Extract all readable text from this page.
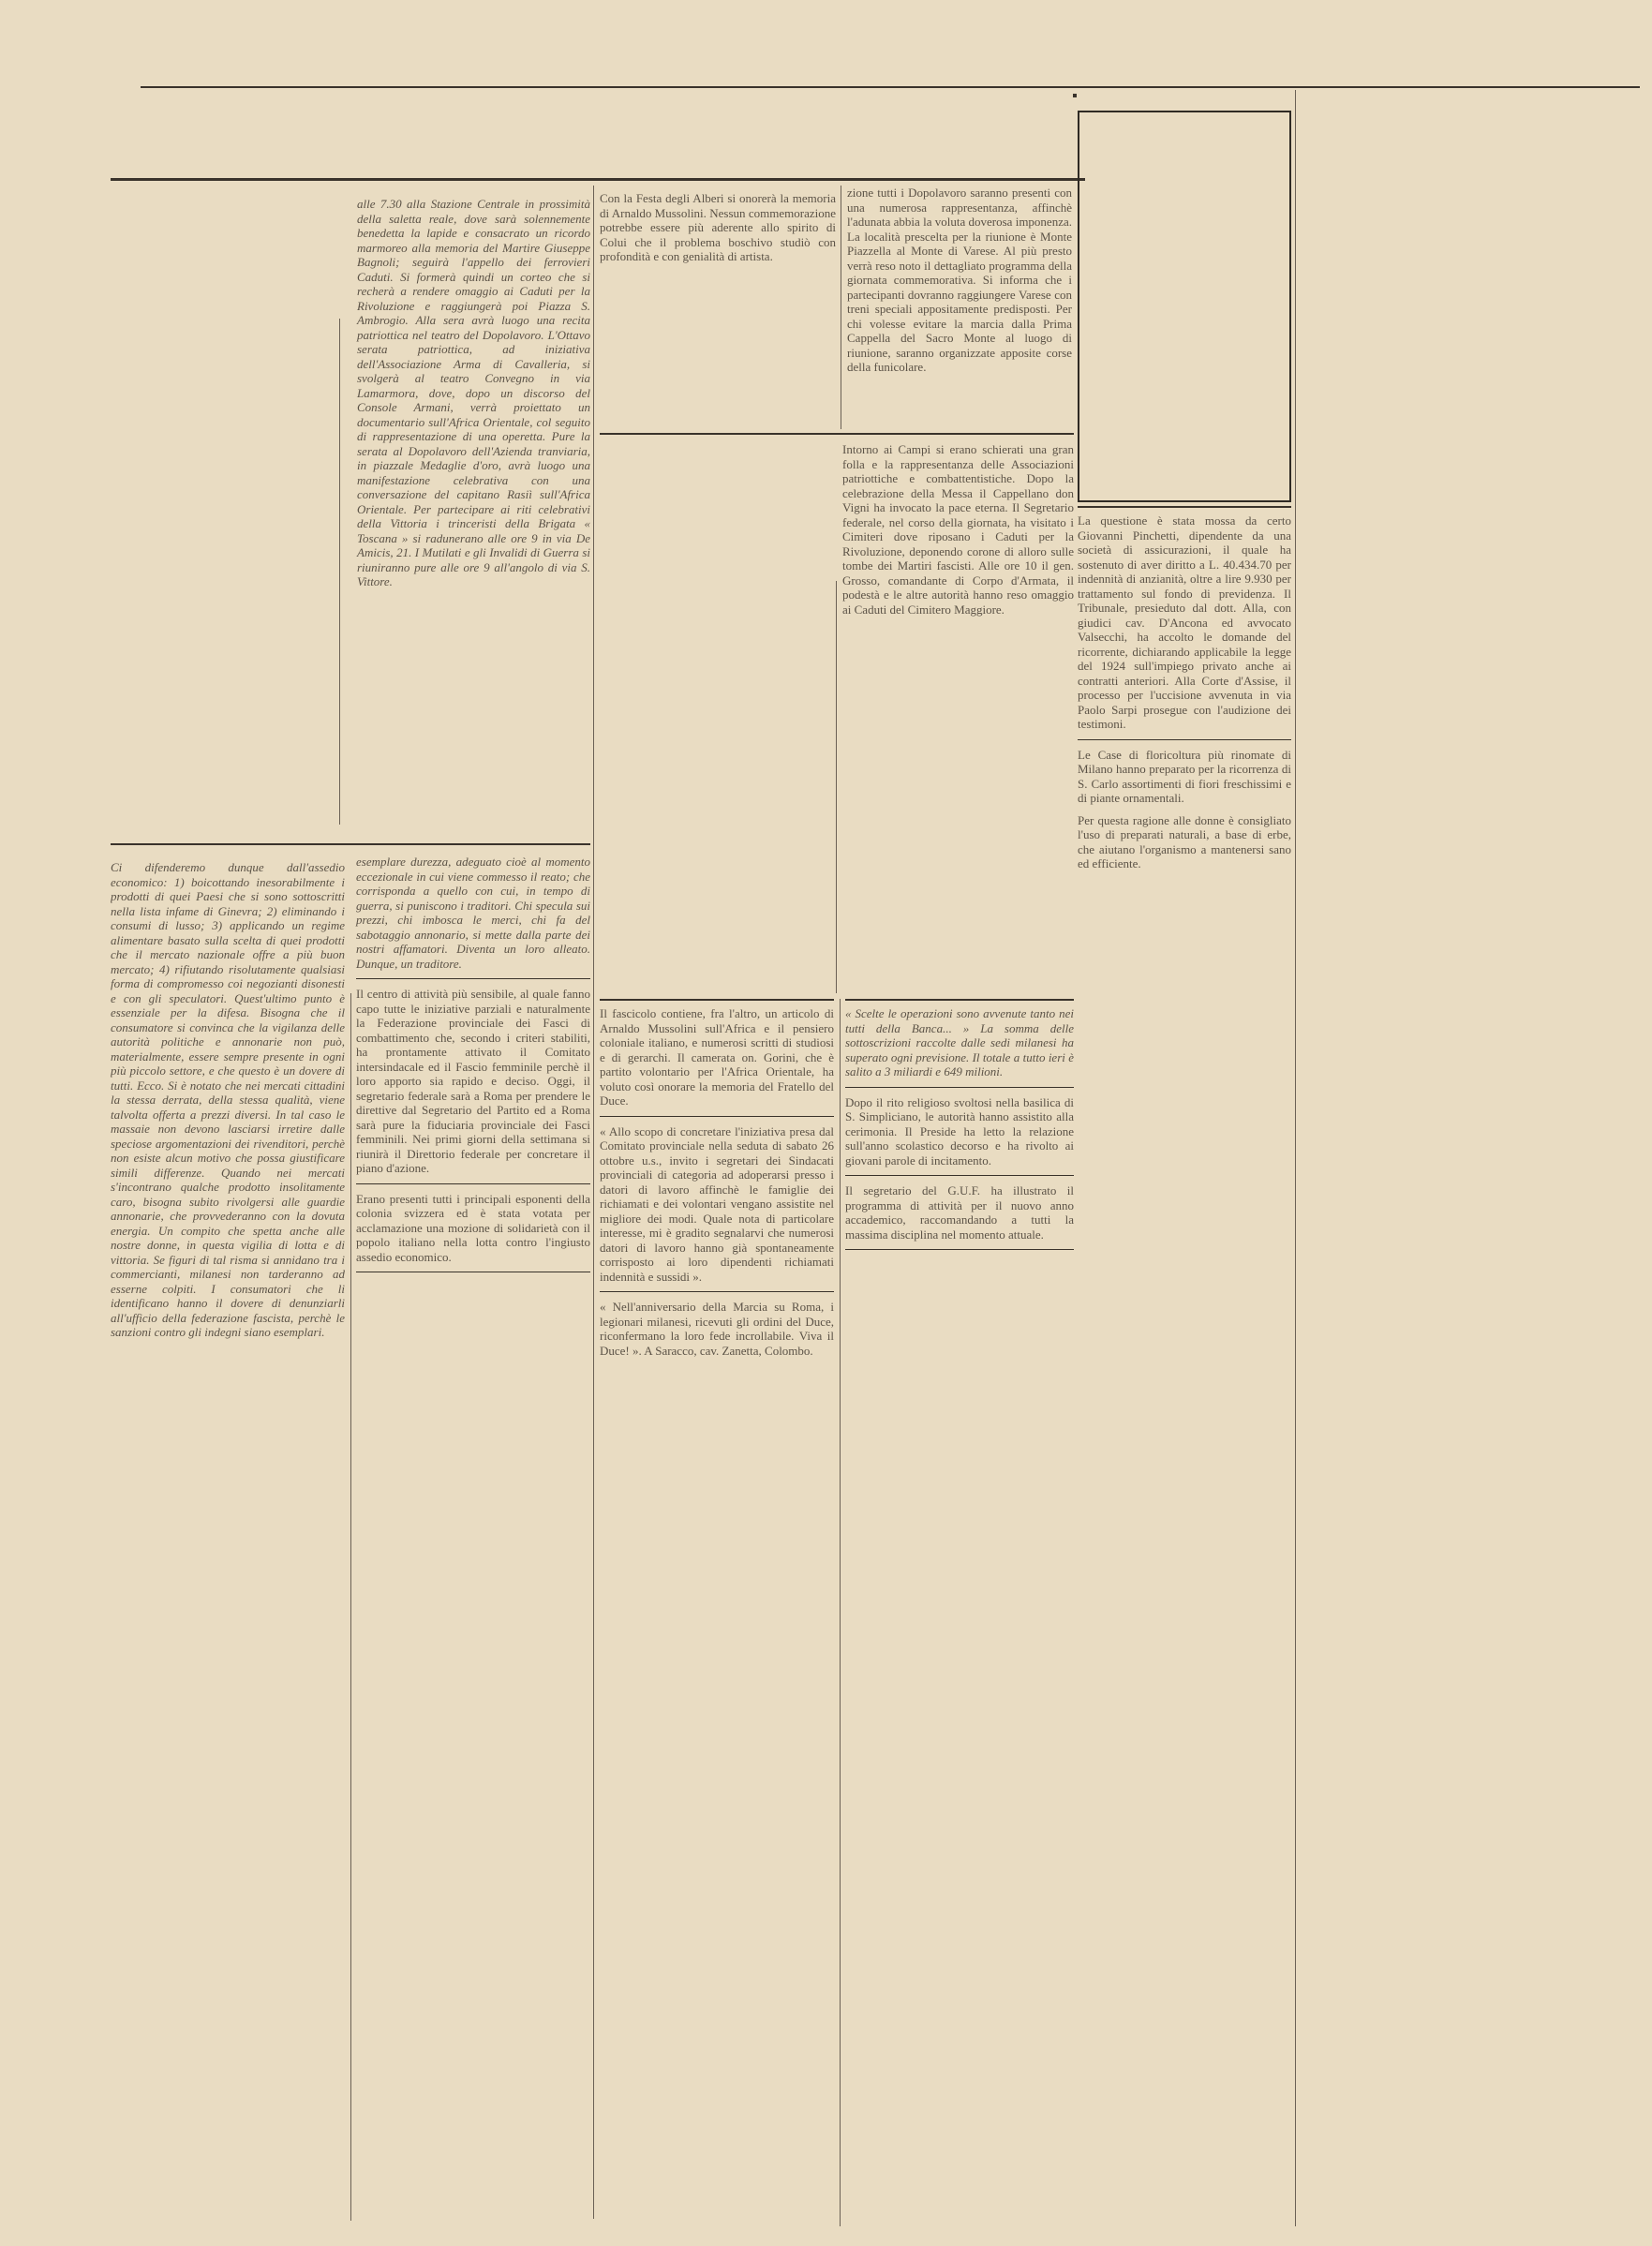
alle 7.30 alla Stazione Centrale in prossimità della saletta reale, dove sarà solennemente benedetta la lapide e consacrato un ricordo marmoreo alla memoria del Martire Giuseppe Bagnoli; seguirà l'appello dei ferrovieri Caduti. Si formerà quindi un corteo che si recherà a rendere omaggio ai Caduti per la Rivoluzione e raggiungerà poi Piazza S. Ambrogio. Alla sera avrà luogo una recita patriottica nel teatro del Dopolavoro. L'Ottavo serata patriottica, ad iniziativa dell'Associazione Arma di Cavalleria, si svolgerà al teatro Convegno in via Lamarmora, dove, dopo un discorso del Console Armani, verrà proiettato un documentario sull'Africa Orientale, col seguito di rappresentazione di una operetta. Pure la serata al Dopolavoro dell'Azienda tranviaria, in piazzale Medaglie d'oro, avrà luogo una manifestazione celebrativa con una conversazione del capitano Rasiì sull'Africa Orientale. Per partecipare ai riti celebrativi della Vittoria i trinceristi della Brigata « Toscana » si radunerano alle ore 9 in via De Amicis, 21. I Mutilati e gli Invalidi di Guerra si riuniranno pure alle ore 9 all'angolo di via S. Vittore.
Con la Festa degli Alberi si onorerà la memoria di Arnaldo Mussolini. Nessun commemorazione potrebbe essere più aderente allo spirito di Colui che il problema boschivo studiò con profondità e con genialità di artista.
zione tutti i Dopolavoro saranno presenti con una numerosa rappresentanza, affinchè l'adunata abbia la voluta doverosa imponenza. La località prescelta per la riunione è Monte Piazzella al Monte di Varese. Al più presto verrà reso noto il dettagliato programma della giornata commemorativa. Si informa che i partecipanti dovranno raggiungere Varese con treni speciali appositamente predisposti. Per chi volesse evitare la marcia dalla Prima Cappella del Sacro Monte al luogo di riunione, saranno organizzate apposite corse della funicolare.
Intorno ai Campi si erano schierati una gran folla e la rappresentanza delle Associazioni patriottiche e combattentistiche. Dopo la celebrazione della Messa il Cappellano don Vigni ha invocato la pace eterna. Il Segretario federale, nel corso della giornata, ha visitato i Cimiteri dove riposano i Caduti per la Rivoluzione, deponendo corone di alloro sulle tombe dei Martiri fascisti. Alle ore 10 il gen. Grosso, comandante di Corpo d'Armata, il podestà e le altre autorità hanno reso omaggio ai Caduti del Cimitero Maggiore.
Ci difenderemo dunque dall'assedio economico: 1) boicottando inesorabilmente i prodotti di quei Paesi che si sono sottoscritti nella lista infame di Ginevra; 2) eliminando i consumi di lusso; 3) applicando un regime alimentare basato sulla scelta di quei prodotti che il mercato nazionale offre a più buon mercato; 4) rifiutando risolutamente qualsiasi forma di compromesso coi negozianti disonesti e con gli speculatori. Quest'ultimo punto è essenziale per la difesa. Bisogna che il consumatore si convinca che la vigilanza delle autorità politiche e annonarie non può, materialmente, essere sempre presente in ogni più piccolo settore, e che questo è un dovere di tutti. Ecco. Si è notato che nei mercati cittadini la stessa derrata, della stessa qualità, viene talvolta offerta a prezzi diversi. In tal caso le massaie non devono lasciarsi irretire dalle speciose argomentazioni dei rivenditori, perchè non esiste alcun motivo che possa giustificare simili differenze. Quando nei mercati s'incontrano qualche prodotto insolitamente caro, bisogna subito rivolgersi alle guardie annonarie, che provvederanno con la dovuta energia. Un compito che spetta anche alle nostre donne, in questa vigilia di lotta e di vittoria. Se figuri di tal risma si annidano tra i commercianti, milanesi non tarderanno ad esserne colpiti. I consumatori che li identificano hanno il dovere di denunziarli all'ufficio della federazione fascista, perchè le sanzioni contro gli indegni siano esemplari.
esemplare durezza, adeguato cioè al momento eccezionale in cui viene commesso il reato; che corrisponda a quello con cui, in tempo di guerra, si puniscono i traditori. Chi specula sui prezzi, chi imbosca le merci, chi fa del sabotaggio annonario, si mette dalla parte dei nostri affamatori. Diventa un loro alleato. Dunque, un traditore.
Il centro di attività più sensibile, al quale fanno capo tutte le iniziative parziali e naturalmente la Federazione provinciale dei Fasci di combattimento che, secondo i criteri stabiliti, ha prontamente attivato il Comitato intersindacale ed il Fascio femminile perchè il loro apporto sia rapido e deciso. Oggi, il segretario federale sarà a Roma per prendere le direttive dal Segretario del Partito ed a Roma sarà pure la fiduciaria provinciale dei Fasci femminili. Nei primi giorni della settimana si riunirà il Direttorio federale per concretare il piano d'azione.
Erano presenti tutti i principali esponenti della colonia svizzera ed è stata votata per acclamazione una mozione di solidarietà con il popolo italiano nella lotta contro l'ingiusto assedio economico.
Il fascicolo contiene, fra l'altro, un articolo di Arnaldo Mussolini sull'Africa e il pensiero coloniale italiano, e numerosi scritti di studiosi e di gerarchi. Il camerata on. Gorini, che è partito volontario per l'Africa Orientale, ha voluto così onorare la memoria del Fratello del Duce.
« Allo scopo di concretare l'iniziativa presa dal Comitato provinciale nella seduta di sabato 26 ottobre u.s., invito i segretari dei Sindacati provinciali di categoria ad adoperarsi presso i datori di lavoro affinchè le famiglie dei richiamati e dei volontari vengano assistite nel migliore dei modi. Quale nota di particolare interesse, mi è gradito segnalarvi che numerosi datori di lavoro hanno già spontaneamente corrisposto ai loro dipendenti richiamati indennità e sussidi ».
« Nell'anniversario della Marcia su Roma, i legionari milanesi, ricevuti gli ordini del Duce, riconfermano la loro fede incrollabile. Viva il Duce! ». A Saracco, cav. Zanetta, Colombo.
« Scelte le operazioni sono avvenute tanto nei tutti della Banca... » La somma delle sottoscrizioni raccolte dalle sedi milanesi ha superato ogni previsione. Il totale a tutto ieri è salito a 3 miliardi e 649 milioni.
Dopo il rito religioso svoltosi nella basilica di S. Simpliciano, le autorità hanno assistito alla cerimonia. Il Preside ha letto la relazione sull'anno scolastico decorso e ha rivolto ai giovani parole di incitamento.
Il segretario del G.U.F. ha illustrato il programma di attività per il nuovo anno accademico, raccomandando a tutti la massima disciplina nel momento attuale.
La questione è stata mossa da certo Giovanni Pinchetti, dipendente da una società di assicurazioni, il quale ha sostenuto di aver diritto a L. 40.434.70 per indennità di anzianità, oltre a lire 9.930 per trattamento sul fondo di previdenza. Il Tribunale, presieduto dal dott. Alla, con giudici cav. D'Ancona ed avvocato Valsecchi, ha accolto le domande del ricorrente, dichiarando applicabile la legge del 1924 sull'impiego privato anche ai contratti anteriori. Alla Corte d'Assise, il processo per l'uccisione avvenuta in via Paolo Sarpi prosegue con l'audizione dei testimoni.
Le Case di floricoltura più rinomate di Milano hanno preparato per la ricorrenza di S. Carlo assortimenti di fiori freschissimi e di piante ornamentali.
Per questa ragione alle donne è consigliato l'uso di preparati naturali, a base di erbe, che aiutano l'organismo a mantenersi sano ed efficiente.
